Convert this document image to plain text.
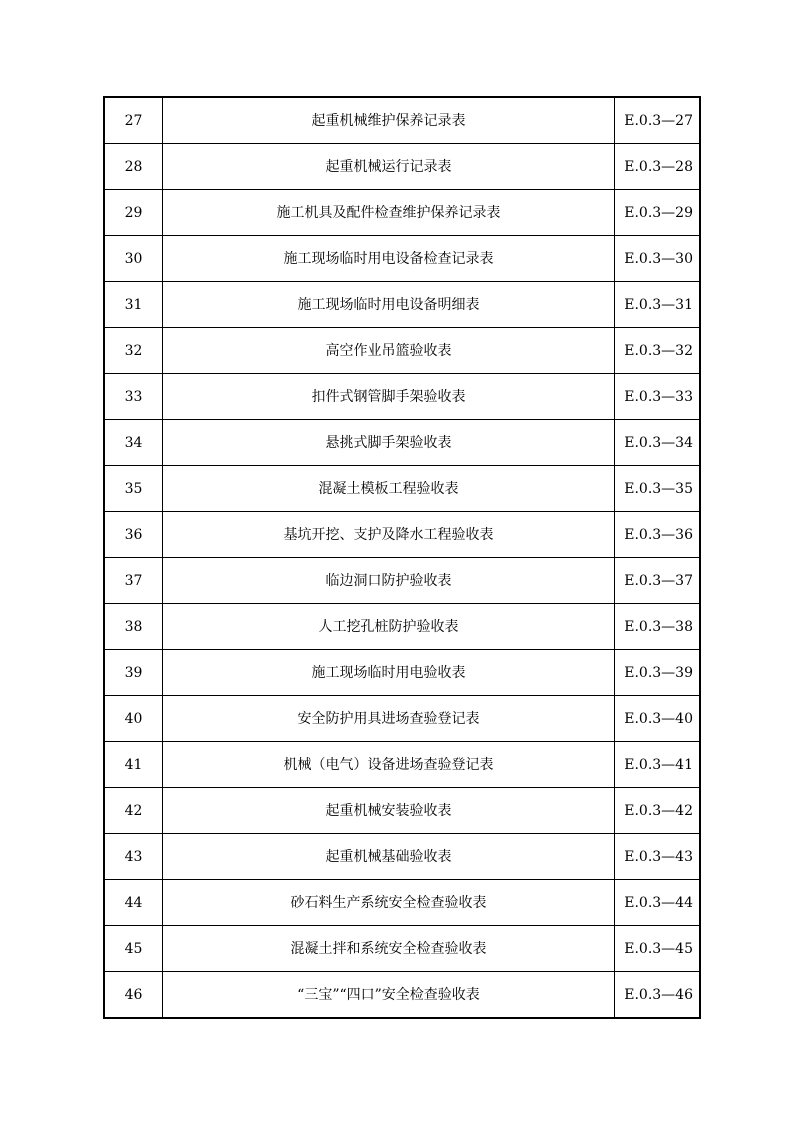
27	起重机械维护保养记录表	E.0.3—27
28	起重机械运行记录表	E.0.3—28
29	施工机具及配件检查维护保养记录表	E.0.3—29
30	施工现场临时用电设备检查记录表	E.0.3—30
31	施工现场临时用电设备明细表	E.0.3—31
32	高空作业吊篮验收表	E.0.3—32
33	扣件式钢管脚手架验收表	E.0.3—33
34	悬挑式脚手架验收表	E.0.3—34
35	混凝土模板工程验收表	E.0.3—35
36	基坑开挖、支护及降水工程验收表	E.0.3—36
37	临边洞口防护验收表	E.0.3—37
38	人工挖孔桩防护验收表	E.0.3—38
39	施工现场临时用电验收表	E.0.3—39
40	安全防护用具进场查验登记表	E.0.3—40
41	机械（电气）设备进场查验登记表	E.0.3—41
42	起重机械安装验收表	E.0.3—42
43	起重机械基础验收表	E.0.3—43
44	砂石料生产系统安全检查验收表	E.0.3—44
45	混凝土拌和系统安全检查验收表	E.0.3—45
46	“三宝”“四口”安全检查验收表	E.0.3—46
